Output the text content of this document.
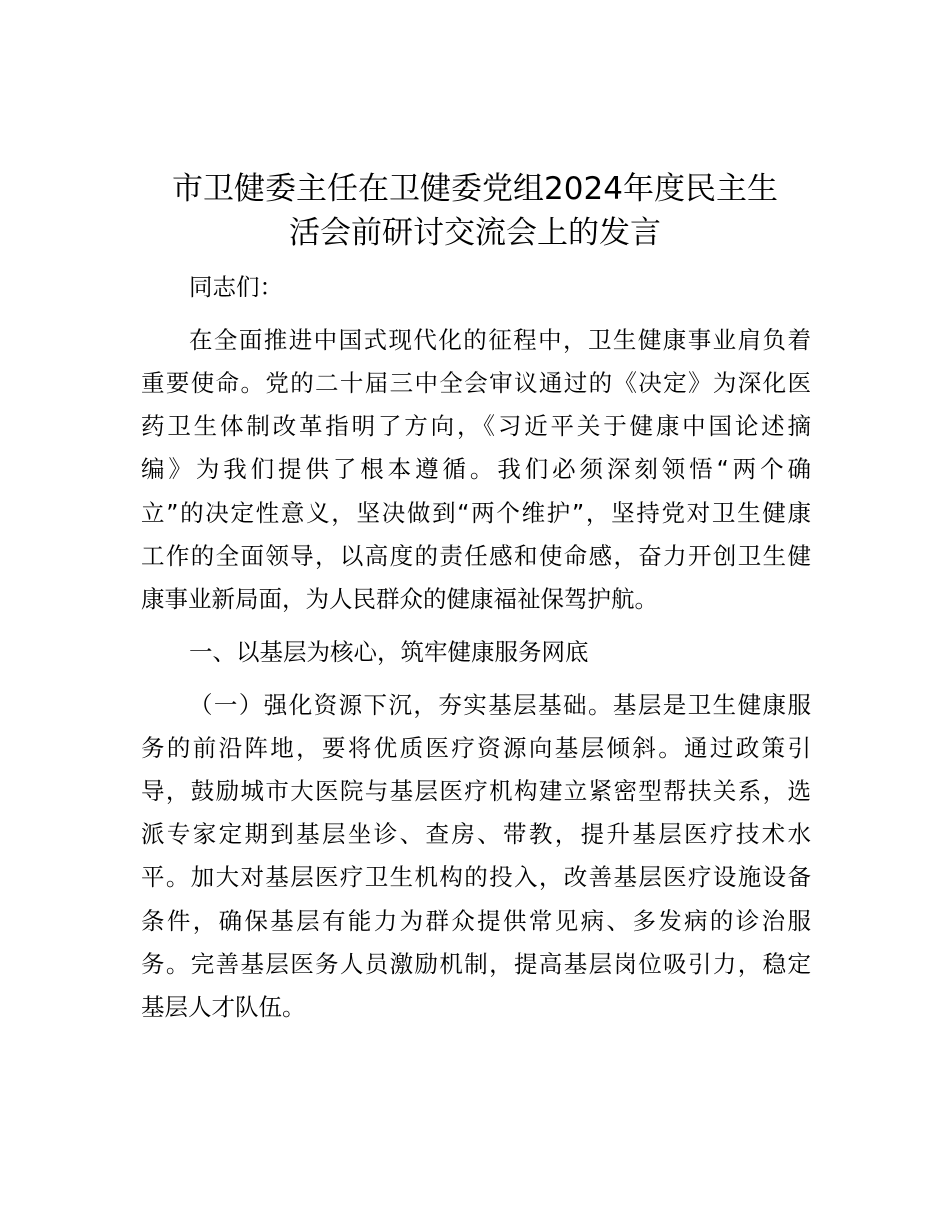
市卫健委主任在卫健委党组2024年度民主生
活会前研讨交流会上的发言
同志们：
在全面推进中国式现代化的征程中，卫生健康事业肩负着
重要使命。党的二十届三中全会审议通过的《决定》为深化医
药卫生体制改革指明了方向，《习近平关于健康中国论述摘
编》为我们提供了根本遵循。我们必须深刻领悟“两个确
立”的决定性意义，坚决做到“两个维护”，坚持党对卫生健康
工作的全面领导，以高度的责任感和使命感，奋力开创卫生健
康事业新局面，为人民群众的健康福祉保驾护航。
一、以基层为核心，筑牢健康服务网底
（一）强化资源下沉，夯实基层基础。基层是卫生健康服
务的前沿阵地，要将优质医疗资源向基层倾斜。通过政策引
导，鼓励城市大医院与基层医疗机构建立紧密型帮扶关系，选
派专家定期到基层坐诊、查房、带教，提升基层医疗技术水
平。加大对基层医疗卫生机构的投入，改善基层医疗设施设备
条件，确保基层有能力为群众提供常见病、多发病的诊治服
务。完善基层医务人员激励机制，提高基层岗位吸引力，稳定
基层人才队伍。
